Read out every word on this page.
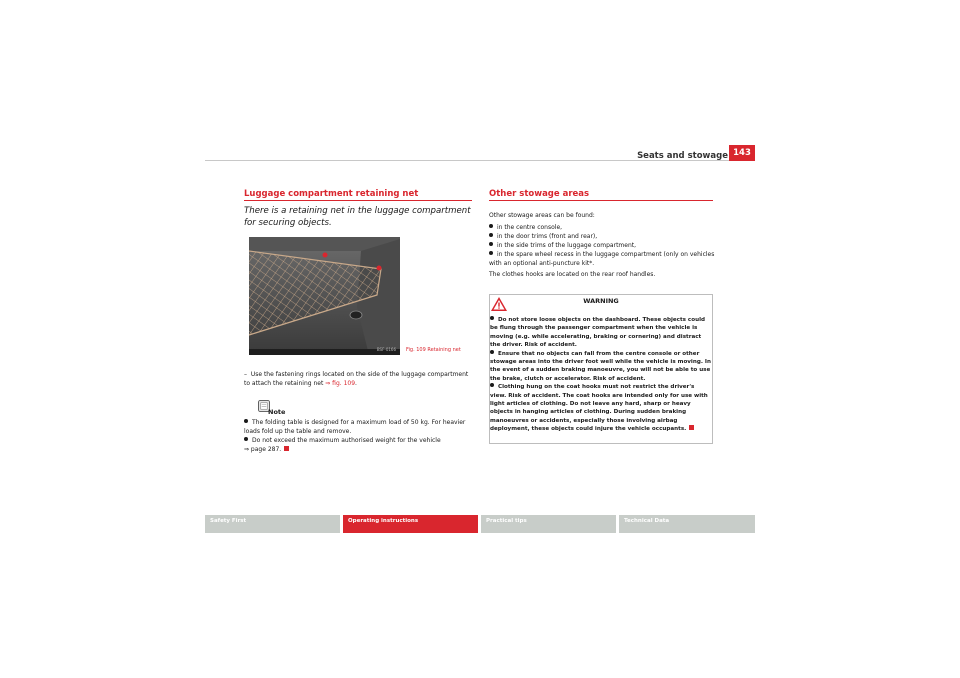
Seats and stowage 143
Luggage compartment retaining net
There is a retaining net in the luggage compartment for securing objects.
BSF-0166 Fig. 109 Retaining net
– Use the fastening rings located on the side of the luggage compartment to attach the retaining net ⇒ fig. 109.
Note
The folding table is designed for a maximum load of 50 kg. For heavier loads fold up the table and remove.
Do not exceed the maximum authorised weight for the vehicle
⇒ page 287.
Other stowage areas
Other stowage areas can be found:
in the centre console,
in the door trims (front and rear),
in the side trims of the luggage compartment,
in the spare wheel recess in the luggage compartment (only on vehicles with an optional anti-puncture kit*.
The clothes hooks are located on the rear roof handles.
WARNING
Do not store loose objects on the dashboard. These objects could be flung through the passenger compartment when the vehicle is moving (e.g. while accelerating, braking or cornering) and distract the driver. Risk of accident.
Ensure that no objects can fall from the centre console or other stowage areas into the driver foot well while the vehicle is moving. In the event of a sudden braking manoeuvre, you will not be able to use the brake, clutch or accelerator. Risk of accident.
Clothing hung on the coat hooks must not restrict the driver's view. Risk of accident. The coat hooks are intended only for use with light articles of clothing. Do not leave any hard, sharp or heavy objects in hanging articles of clothing. During sudden braking manoeuvres or accidents, especially those involving airbag deployment, these objects could injure the vehicle occupants.
Safety First	Operating instructions	Practical tips	Technical Data
